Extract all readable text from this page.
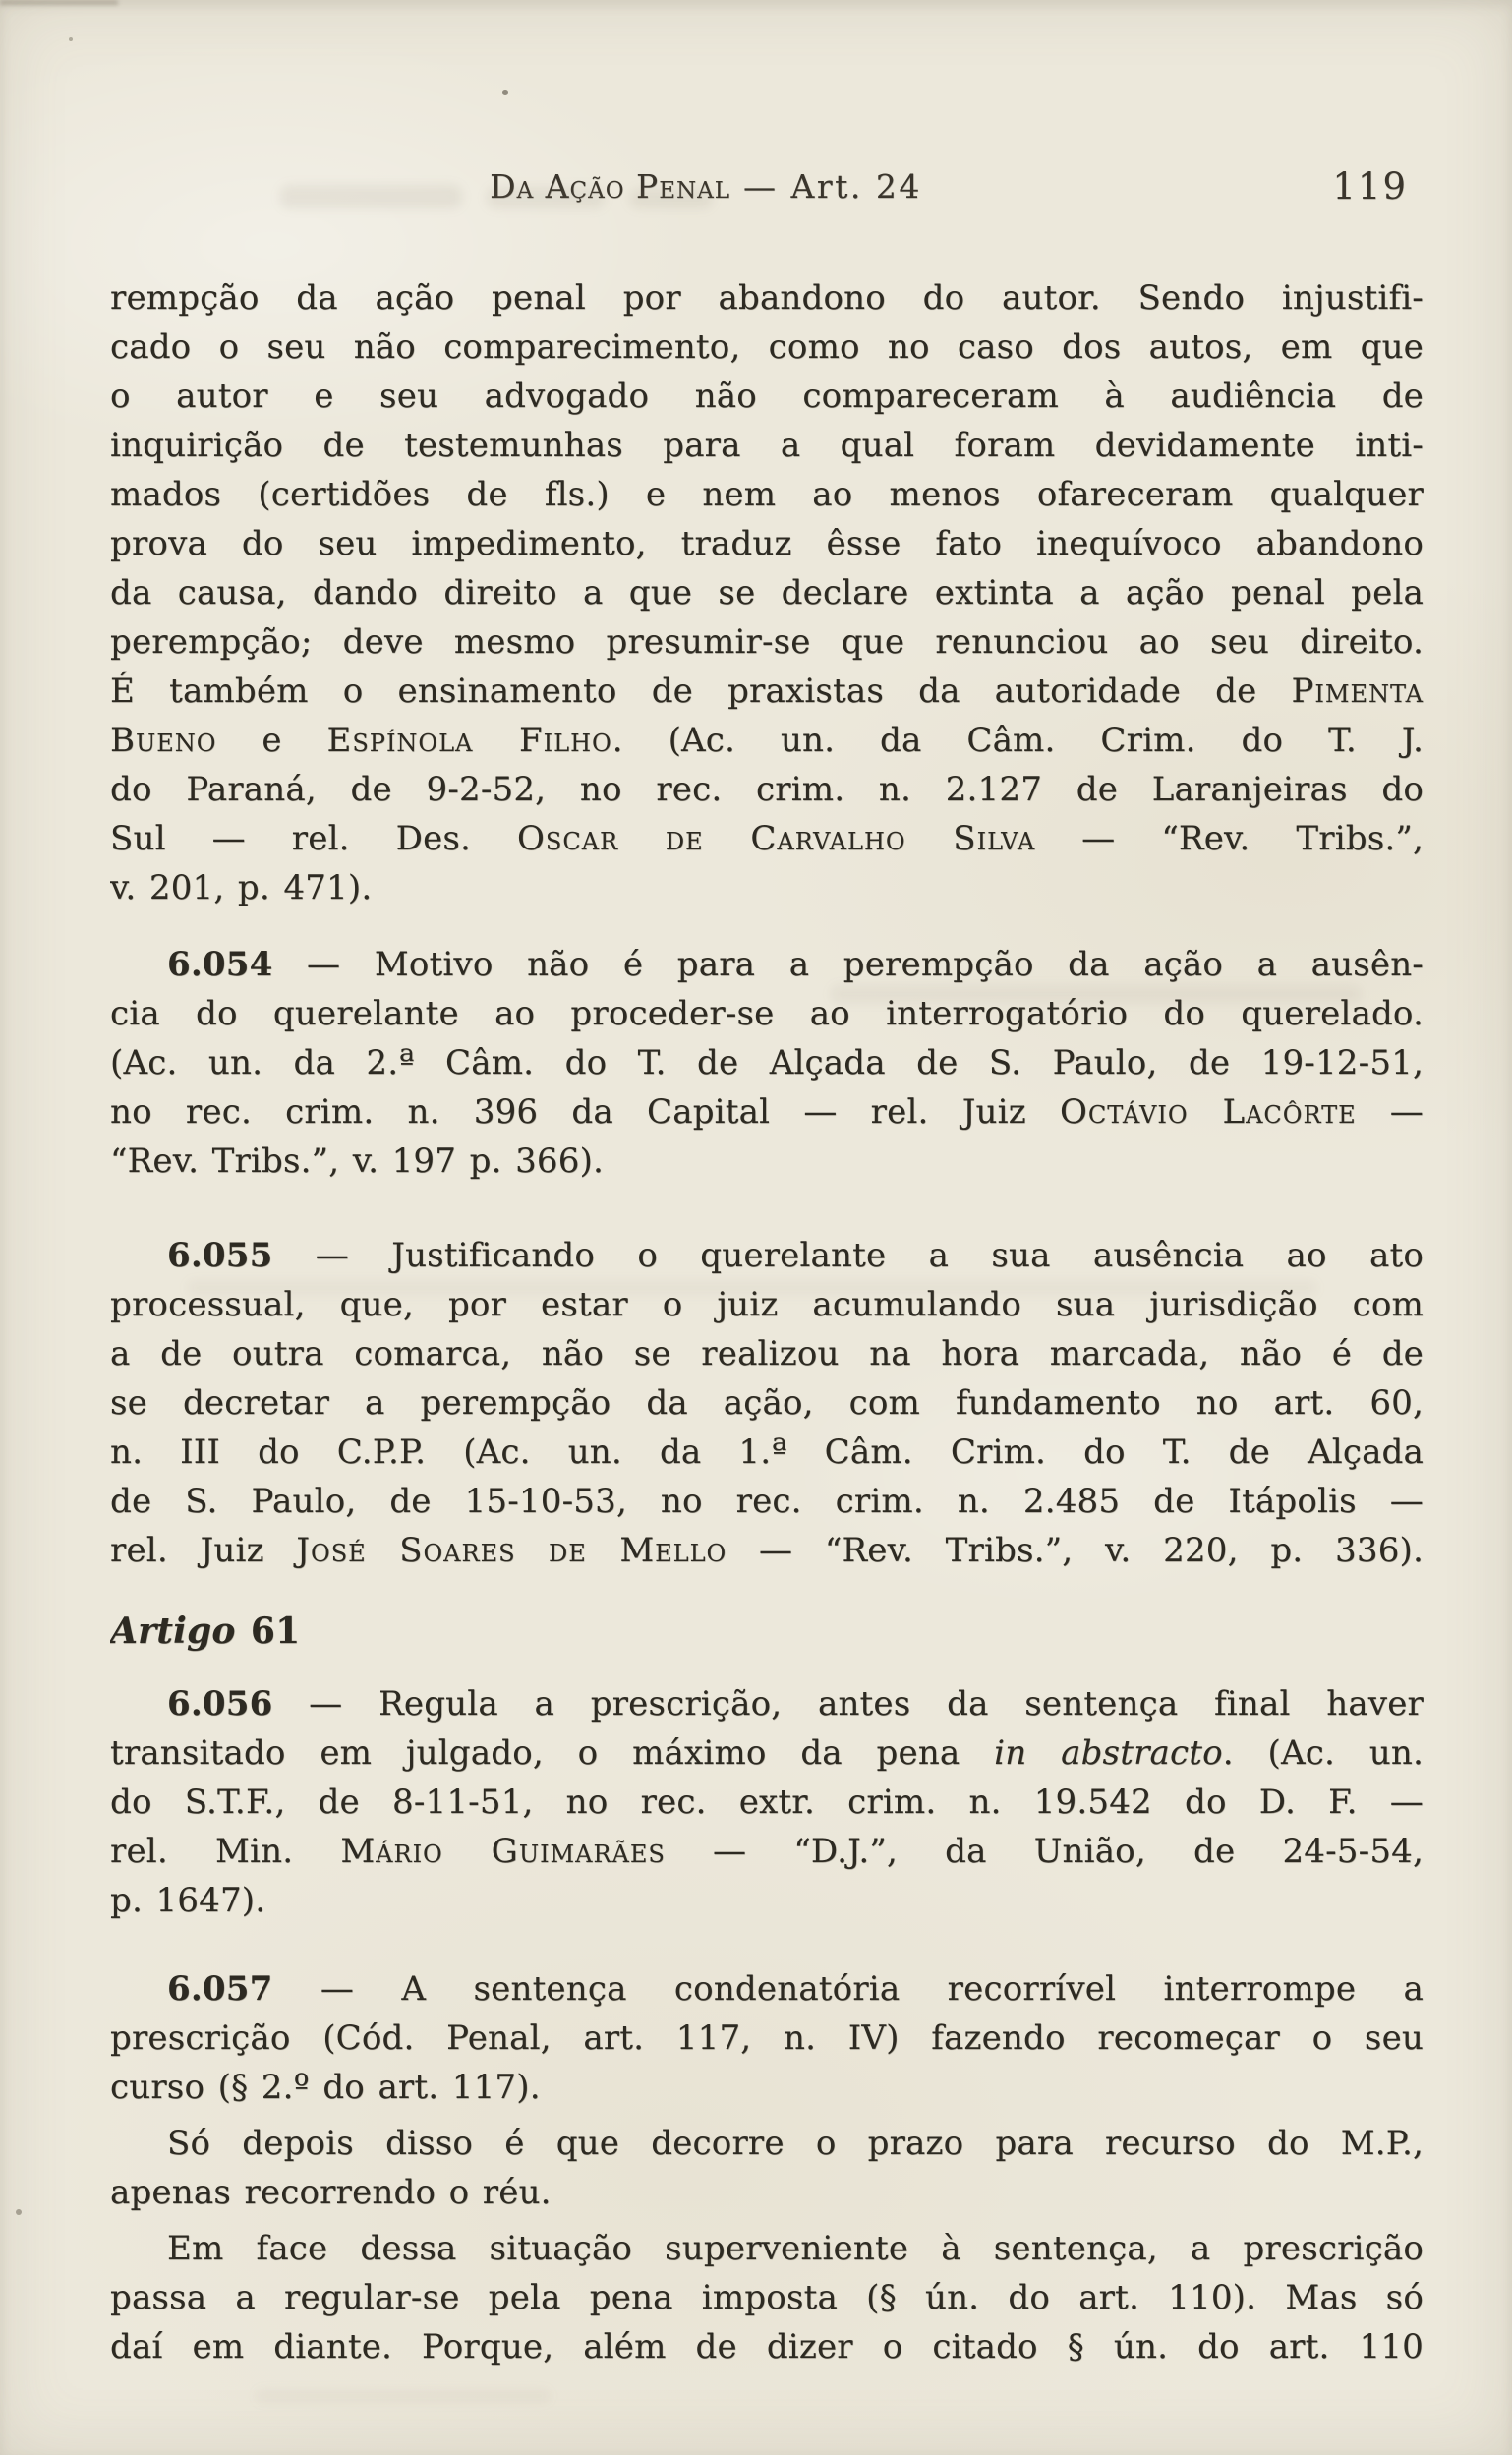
Da Ação Penal — Art. 24	119
rempção da ação penal por abandono do autor. Sendo injustifi-
cado o seu não comparecimento, como no caso dos autos, em que
o autor e seu advogado não compareceram à audiência de
inquirição de testemunhas para a qual foram devidamente inti-
mados (certidões de fls.) e nem ao menos ofareceram qualquer
prova do seu impedimento, traduz êsse fato inequívoco abandono
da causa, dando direito a que se declare extinta a ação penal pela
perempção; deve mesmo presumir-se que renunciou ao seu direito.
É também o ensinamento de praxistas da autoridade de Pimenta
Bueno e Espínola Filho. (Ac. un. da Câm. Crim. do T. J.
do Paraná, de 9-2-52, no rec. crim. n. 2.127 de Laranjeiras do
Sul — rel. Des. Oscar de Carvalho Silva — “Rev. Tribs.”,
v. 201, p. 471).
6.054 — Motivo não é para a perempção da ação a ausên-
cia do querelante ao proceder-se ao interrogatório do querelado.
(Ac. un. da 2.ª Câm. do T. de Alçada de S. Paulo, de 19-12-51,
no rec. crim. n. 396 da Capital — rel. Juiz Octávio Lacôrte —
“Rev. Tribs.”, v. 197 p. 366).
6.055 — Justificando o querelante a sua ausência ao ato
processual, que, por estar o juiz acumulando sua jurisdição com
a de outra comarca, não se realizou na hora marcada, não é de
se decretar a perempção da ação, com fundamento no art. 60,
n. III do C.P.P. (Ac. un. da 1.ª Câm. Crim. do T. de Alçada
de S. Paulo, de 15-10-53, no rec. crim. n. 2.485 de Itápolis —
rel. Juiz José Soares de Mello — “Rev. Tribs.”, v. 220, p. 336).
Artigo 61
6.056 — Regula a prescrição, antes da sentença final haver
transitado em julgado, o máximo da pena in abstracto. (Ac. un.
do S.T.F., de 8-11-51, no rec. extr. crim. n. 19.542 do D. F. —
rel. Min. Mário Guimarães — “D.J.”, da União, de 24-5-54,
p. 1647).
6.057 — A sentença condenatória recorrível interrompe a
prescrição (Cód. Penal, art. 117, n. IV) fazendo recomeçar o seu
curso (§ 2.º do art. 117).
Só depois disso é que decorre o prazo para recurso do M.P.,
apenas recorrendo o réu.
Em face dessa situação superveniente à sentença, a prescrição
passa a regular-se pela pena imposta (§ ún. do art. 110). Mas só
daí em diante. Porque, além de dizer o citado § ún. do art. 110
